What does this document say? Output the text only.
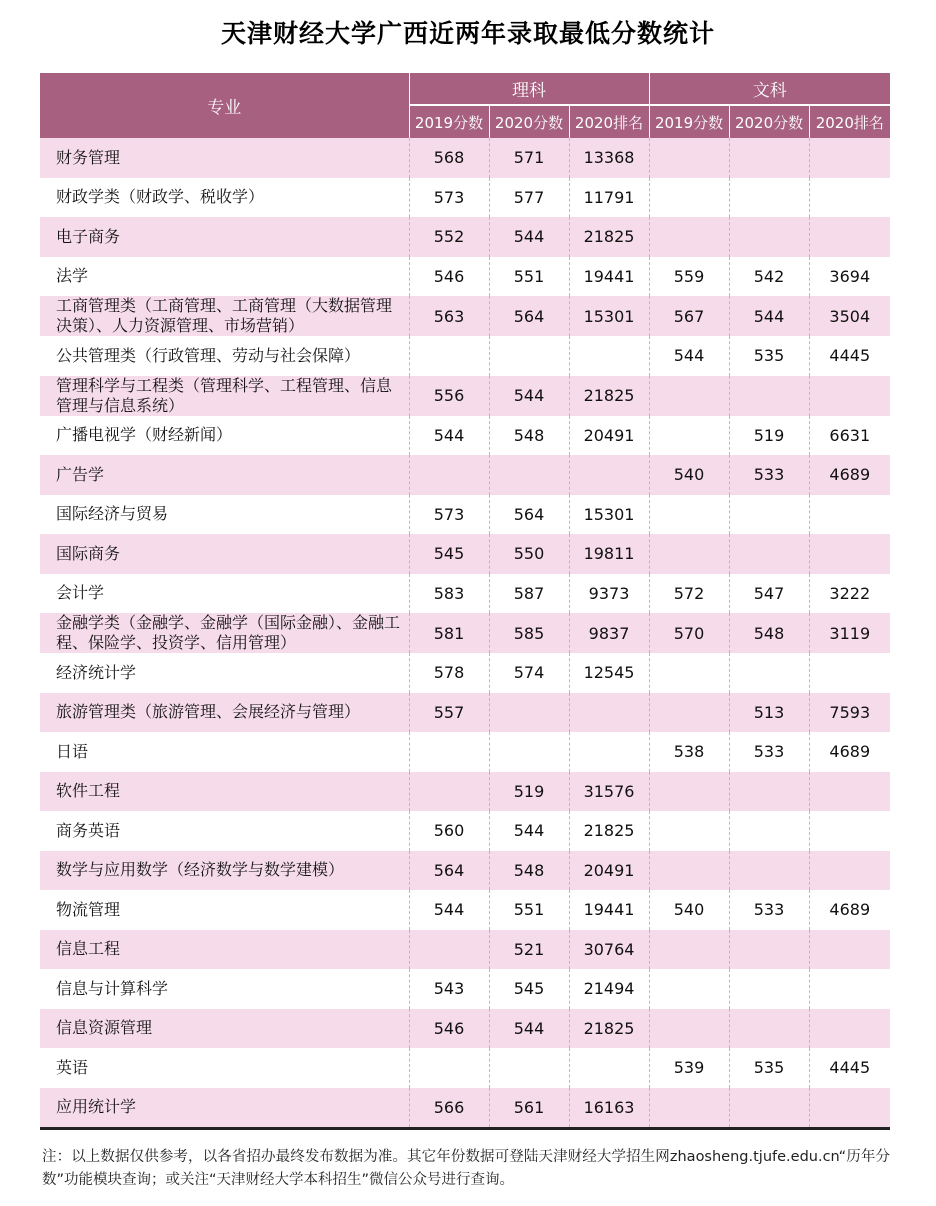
天津财经大学广西近两年录取最低分数统计
专业	理科			文科		
	2019分数	2020分数	2020排名	2019分数	2020分数	2020排名
财务管理	568	571	13368			
财政学类（财政学、税收学）	573	577	11791			
电子商务	552	544	21825			
法学	546	551	19441	559	542	3694
工商管理类（工商管理、工商管理（大数据管理决策）、人力资源管理、市场营销）	563	564	15301	567	544	3504
公共管理类（行政管理、劳动与社会保障）				544	535	4445
管理科学与工程类（管理科学、工程管理、信息管理与信息系统）	556	544	21825			
广播电视学（财经新闻）	544	548	20491		519	6631
广告学				540	533	4689
国际经济与贸易	573	564	15301			
国际商务	545	550	19811			
会计学	583	587	9373	572	547	3222
金融学类（金融学、金融学（国际金融）、金融工程、保险学、投资学、信用管理）	581	585	9837	570	548	3119
经济统计学	578	574	12545			
旅游管理类（旅游管理、会展经济与管理）	557				513	7593
日语				538	533	4689
软件工程		519	31576			
商务英语	560	544	21825			
数学与应用数学（经济数学与数学建模）	564	548	20491			
物流管理	544	551	19441	540	533	4689
信息工程		521	30764			
信息与计算科学	543	545	21494			
信息资源管理	546	544	21825			
英语				539	535	4445
应用统计学	566	561	16163			
注：以上数据仅供参考，以各省招办最终发布数据为准。其它年份数据可登陆天津财经大学招生网zhaosheng.tjufe.edu.cn“历年分数”功能模块查询；或关注“天津财经大学本科招生”微信公众号进行查询。
